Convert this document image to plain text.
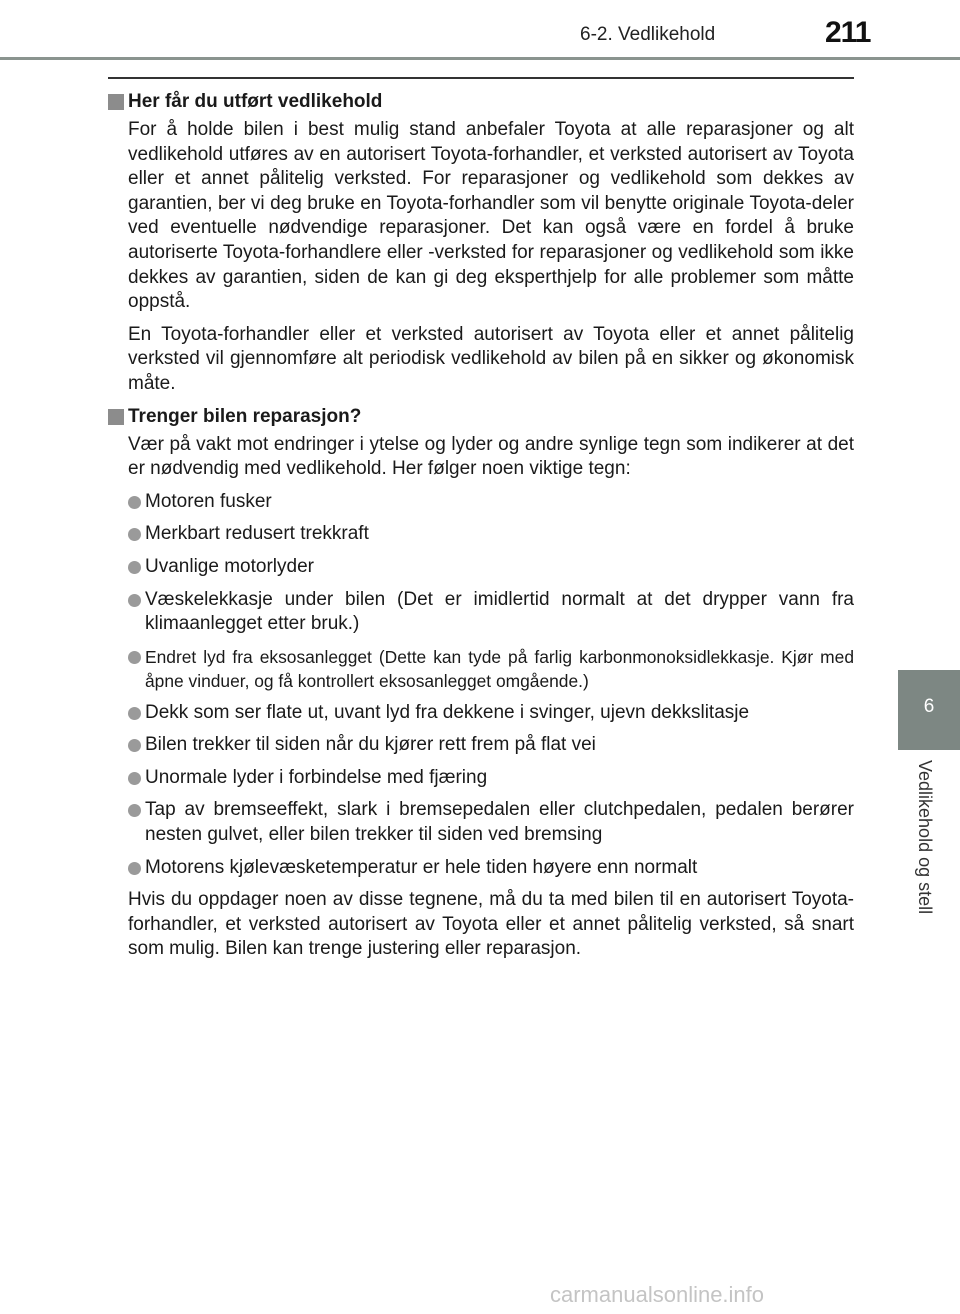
6-2. Vedlikehold	211
6
Vedlikehold og stell
Her får du utført vedlikehold

For å holde bilen i best mulig stand anbefaler Toyota at alle reparasjoner og alt vedlikehold utføres av en autorisert Toyota-forhandler, et verksted autorisert av Toyota eller et annet pålitelig verksted. For reparasjoner og vedlikehold som dekkes av garantien, ber vi deg bruke en Toyota-forhandler som vil benytte originale Toyota-deler ved eventuelle nødvendige reparasjoner. Det kan også være en fordel å bruke autoriserte Toyota-forhandlere eller -verksted for reparasjoner og vedlikehold som ikke dekkes av garantien, siden de kan gi deg eksperthjelp for alle problemer som måtte oppstå.

En Toyota-forhandler eller et verksted autorisert av Toyota eller et annet pålitelig verksted vil gjennomføre alt periodisk vedlikehold av bilen på en sikker og økonomisk måte.

Trenger bilen reparasjon?

Vær på vakt mot endringer i ytelse og lyder og andre synlige tegn som indikerer at det er nødvendig med vedlikehold. Her følger noen viktige tegn:

Motoren fusker
Merkbart redusert trekkraft
Uvanlige motorlyder
Væskelekkasje under bilen (Det er imidlertid normalt at det drypper vann fra klimaanlegget etter bruk.)
Endret lyd fra eksosanlegget (Dette kan tyde på farlig karbonmonoksidlekkasje. Kjør med åpne vinduer, og få kontrollert eksosanlegget omgående.)
Dekk som ser flate ut, uvant lyd fra dekkene i svinger, ujevn dekkslitasje
Bilen trekker til siden når du kjører rett frem på flat vei
Unormale lyder i forbindelse med fjæring
Tap av bremseeffekt, slark i bremsepedalen eller clutchpedalen, pedalen berører nesten gulvet, eller bilen trekker til siden ved bremsing
Motorens kjølevæsketemperatur er hele tiden høyere enn normalt

Hvis du oppdager noen av disse tegnene, må du ta med bilen til en autorisert Toyota-forhandler, et verksted autorisert av Toyota eller et annet pålitelig verksted, så snart som mulig. Bilen kan trenge justering eller reparasjon.

carmanualsonline.info
